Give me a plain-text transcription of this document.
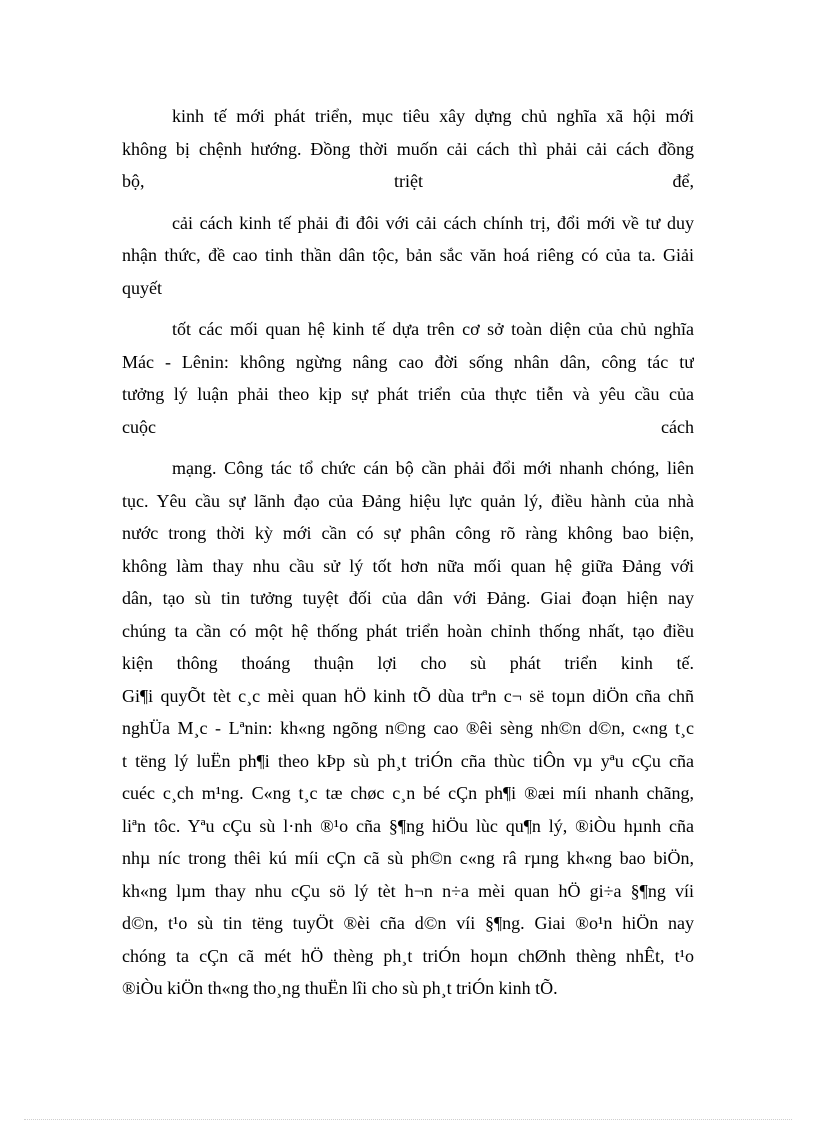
kinh tế mới phát triển, mục tiêu xây dựng chủ nghĩa xã hội mới
không bị chệnh hướng. Đồng thời muốn cải cách thì phải cải cách đồng
bộ, triệt để,
cải cách kinh tế phải đi đôi với cải cách chính trị, đổi mới về tư duy
nhận thức, đề cao tinh thần dân tộc, bản sắc văn hoá riêng có của ta. Giải
quyết
tốt các mối quan hệ kinh tế dựa trên cơ sở toàn diện của chủ nghĩa
Mác - Lênin: không ngừng nâng cao đời sống nhân dân, công tác tư
tưởng lý luận phải theo kịp sự phát triển của thực tiễn và yêu cầu của
cuộc cách
mạng. Công tác tổ chức cán bộ cần phải đổi mới nhanh chóng, liên
tục. Yêu cầu sự lãnh đạo của Đảng hiệu lực quản lý, điều hành của nhà
nước trong thời kỳ mới cần có sự phân công rõ ràng không bao biện,
không làm thay nhu cầu sử lý tốt hơn nữa mối quan hệ giữa Đảng với
dân, tạo sù tin tưởng tuyệt đối của dân với Đảng. Giai đoạn hiện nay
chúng ta cần có một hệ thống phát triển hoàn chỉnh thống nhất, tạo điều
kiện thông thoáng thuận lợi cho sù phát triển kinh tế.
Gi¶i quyÕt tèt c¸c mèi quan hÖ kinh tÕ dùa trªn c¬ së toµn diÖn cña chñ
nghÜa M¸c - Lªnin: kh«ng ngõng n©ng cao ®êi sèng nh©n d©n, c«ng t¸c
t tëng lý luËn ph¶i theo kÞp sù ph¸t triÓn cña thùc tiÔn vµ yªu cÇu cña
cuéc c¸ch m¹ng. C«ng t¸c tæ chøc c¸n bé cÇn ph¶i ®æi míi nhanh chãng,
liªn tôc. Yªu cÇu sù l·nh ®¹o cña §¶ng hiÖu lùc qu¶n lý, ®iÒu hµnh cña
nhµ níc trong thêi kú míi cÇn cã sù ph©n c«ng râ rµng kh«ng bao biÖn,
kh«ng lµm thay nhu cÇu sö lý tèt h¬n n÷a mèi quan hÖ gi÷a §¶ng víi
d©n, t¹o sù tin tëng tuyÖt ®èi cña d©n víi §¶ng. Giai ®o¹n hiÖn nay
chóng ta cÇn cã mét hÖ thèng ph¸t triÓn hoµn chØnh thèng nhÊt, t¹o
®iÒu kiÖn th«ng tho¸ng thuËn lîi cho sù ph¸t triÓn kinh tÕ.
